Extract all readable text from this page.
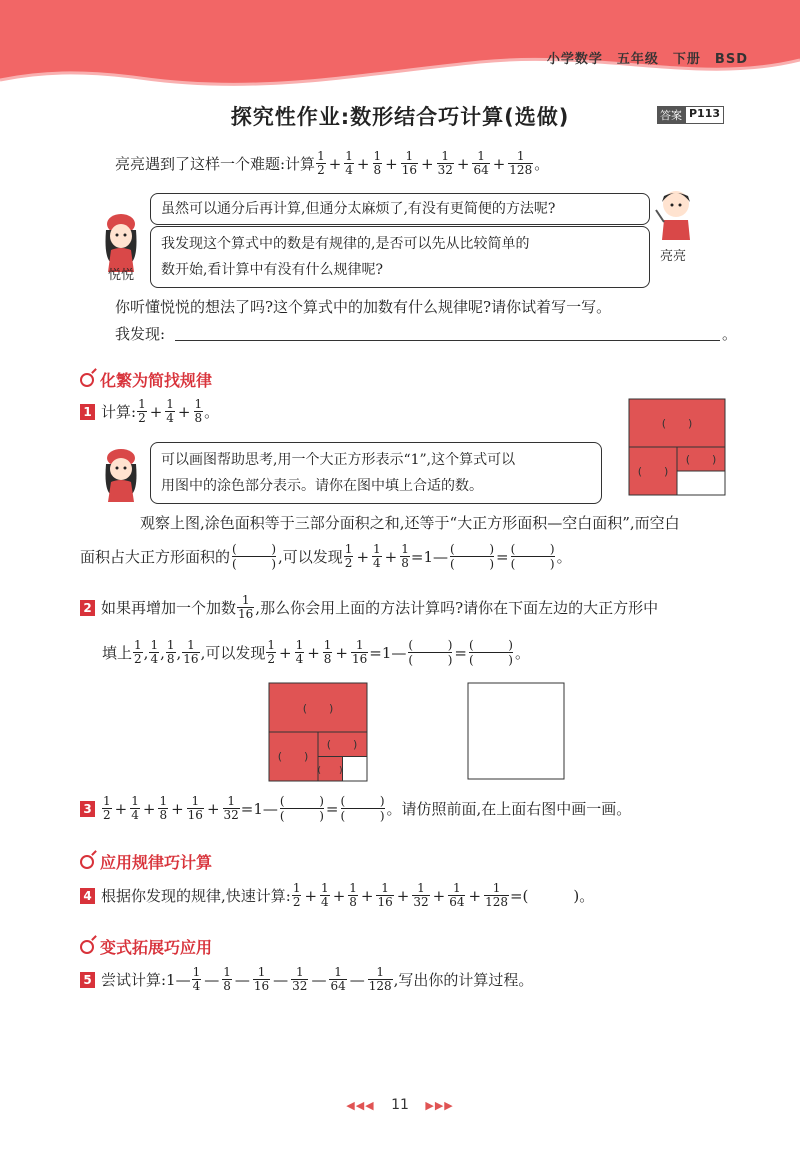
小学数学　五年级　下册　BSD
探究性作业:数形结合巧计算(选做)	答案 P113
亮亮遇到了这样一个难题:计算 $\frac{1}{2} + \frac{1}{4} + \frac{1}{8} + \frac{1}{16} + \frac{1}{32} + \frac{1}{64} + \frac{1}{128}$ 。
悦悦
虽然可以通分后再计算,但通分太麻烦了,有没有更简便的方法呢?
亮亮
我发现这个算式中的数是有规律的,是否可以先从比较简单的
数开始,看计算中有没有什么规律呢?
你听懂悦悦的想法了吗?这个算式中的加数有什么规律呢?请你试着写一写。
我发现:	。
化繁为简找规律
1 计算: $\frac{1}{2} + \frac{1}{4} + \frac{1}{8}$ 。
(　　)
(　　)
(　　)
可以画图帮助思考,用一个大正方形表示“1”,这个算式可以
用图中的涂色部分表示。请你在图中填上合适的数。
观察上图,涂色面积等于三部分面积之和,还等于“大正方形面积—空白面积”,而空白
面积占大正方形面积的 (	)
(	) ,可以发现 $\frac{1}{2} + \frac{1}{4} + \frac{1}{8}$ =1— (	)
(	) = (	)
(	) 。
2 如果再增加一个加数 $\frac{1}{16}$ ,那么你会用上面的方法计算吗?请你在下面左边的大正方形中
填上 $\frac{1}{2}$ , $\frac{1}{4}$ , $\frac{1}{8}$ , $\frac{1}{16}$ ,可以发现 $\frac{1}{2} + \frac{1}{4} + \frac{1}{8} + \frac{1}{16}$ =1— (	)
(	) = (	)
(	) 。
(　　)
(　　)
(　　)
(　　)
$3 \frac{1}{2} + \frac{1}{4} + \frac{1}{8} + \frac{1}{16} + \frac{1}{32}$ =1— (	)
(	) = (	)
(	) 。请仿照前面,在上面右图中画一画。
应用规律巧计算
4 根据你发现的规律,快速计算: $\frac{1}{2} + \frac{1}{4} + \frac{1}{8} + \frac{1}{16} + \frac{1}{32} + \frac{1}{64} + \frac{1}{128}$ =(　　　)。
变式拓展巧应用
5 尝试计算:1— $\frac{1}{4}$ — $\frac{1}{8}$ — $\frac{1}{16}$ — $\frac{1}{32}$ — $\frac{1}{64}$ — $\frac{1}{128}$ ,写出你的计算过程。
◀◀◀ 11 ▶▶▶
